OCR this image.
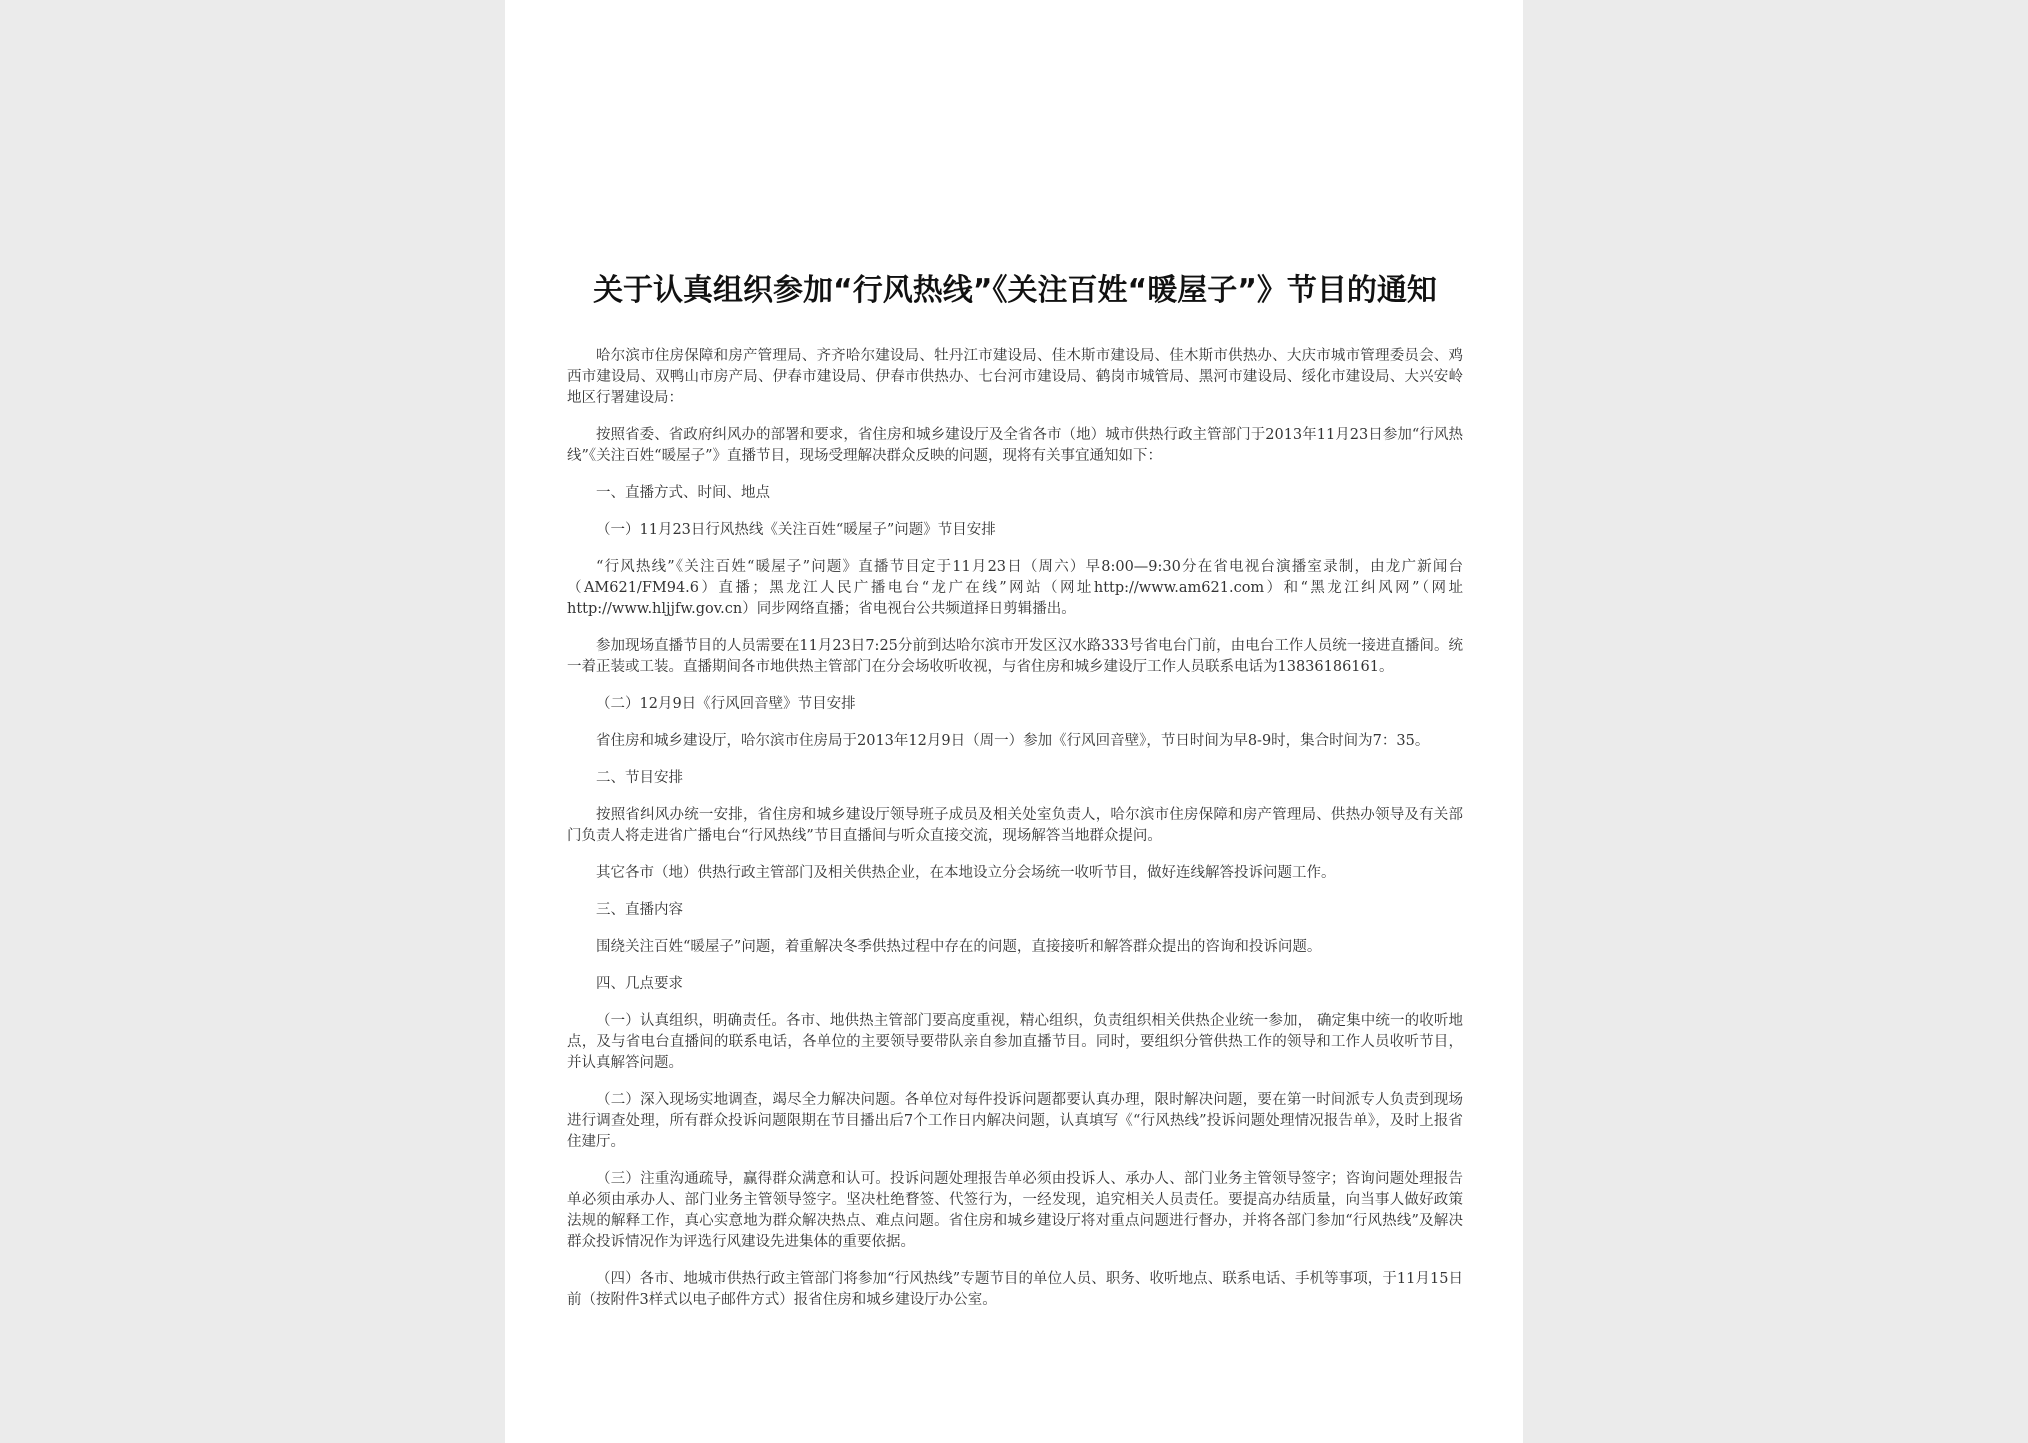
关于认真组织参加“行风热线”《关注百姓“暖屋子”》节目的通知

哈尔滨市住房保障和房产管理局、齐齐哈尔建设局、牡丹江市建设局、佳木斯市建设局、佳木斯市供热办、大庆市城市管理委员会、鸡西市建设局、双鸭山市房产局、伊春市建设局、伊春市供热办、七台河市建设局、鹤岗市城管局、黑河市建设局、绥化市建设局、大兴安岭地区行署建设局：

按照省委、省政府纠风办的部署和要求，省住房和城乡建设厅及全省各市（地）城市供热行政主管部门于2013年11月23日参加“行风热线”《关注百姓“暖屋子”》直播节目，现场受理解决群众反映的问题，现将有关事宜通知如下：

一、直播方式、时间、地点

（一）11月23日行风热线《关注百姓“暖屋子”问题》节目安排

“行风热线”《关注百姓“暖屋子”问题》直播节目定于11月23日（周六）早8:00—9:30分在省电视台演播室录制，由龙广新闻台（AM621/FM94.6）直播；黑龙江人民广播电台“龙广在线”网站（网址http://www.am621.com）和“黑龙江纠风网”（网址http://www.hljjfw.gov.cn）同步网络直播；省电视台公共频道择日剪辑播出。

参加现场直播节目的人员需要在11月23日7:25分前到达哈尔滨市开发区汉水路333号省电台门前，由电台工作人员统一接进直播间。统一着正装或工装。直播期间各市地供热主管部门在分会场收听收视，与省住房和城乡建设厅工作人员联系电话为13836186161。

（二）12月9日《行风回音壁》节目安排

省住房和城乡建设厅，哈尔滨市住房局于2013年12月9日（周一）参加《行风回音壁》，节日时间为早8-9时，集合时间为7：35。

二、节目安排

按照省纠风办统一安排，省住房和城乡建设厅领导班子成员及相关处室负责人，哈尔滨市住房保障和房产管理局、供热办领导及有关部门负责人将走进省广播电台“行风热线”节目直播间与听众直接交流，现场解答当地群众提问。

其它各市（地）供热行政主管部门及相关供热企业，在本地设立分会场统一收听节目，做好连线解答投诉问题工作。

三、直播内容

围绕关注百姓“暖屋子”问题，着重解决冬季供热过程中存在的问题，直接接听和解答群众提出的咨询和投诉问题。

四、几点要求

（一）认真组织，明确责任。各市、地供热主管部门要高度重视，精心组织，负责组织相关供热企业统一参加， 确定集中统一的收听地点，及与省电台直播间的联系电话，各单位的主要领导要带队亲自参加直播节目。同时，要组织分管供热工作的领导和工作人员收听节目，并认真解答问题。

（二）深入现场实地调查，竭尽全力解决问题。各单位对每件投诉问题都要认真办理，限时解决问题，要在第一时间派专人负责到现场进行调查处理，所有群众投诉问题限期在节目播出后7个工作日内解决问题，认真填写《“行风热线”投诉问题处理情况报告单》，及时上报省住建厅。

（三）注重沟通疏导，赢得群众满意和认可。投诉问题处理报告单必须由投诉人、承办人、部门业务主管领导签字；咨询问题处理报告单必须由承办人、部门业务主管领导签字。坚决杜绝瞀签、代签行为，一经发现，追究相关人员责任。要提高办结质量，向当事人做好政策法规的解释工作，真心实意地为群众解决热点、难点问题。省住房和城乡建设厅将对重点问题进行督办，并将各部门参加“行风热线”及解决群众投诉情况作为评选行风建设先进集体的重要依据。

（四）各市、地城市供热行政主管部门将参加“行风热线”专题节目的单位人员、职务、收听地点、联系电话、手机等事项，于11月15日前（按附件3样式以电子邮件方式）报省住房和城乡建设厅办公室。
